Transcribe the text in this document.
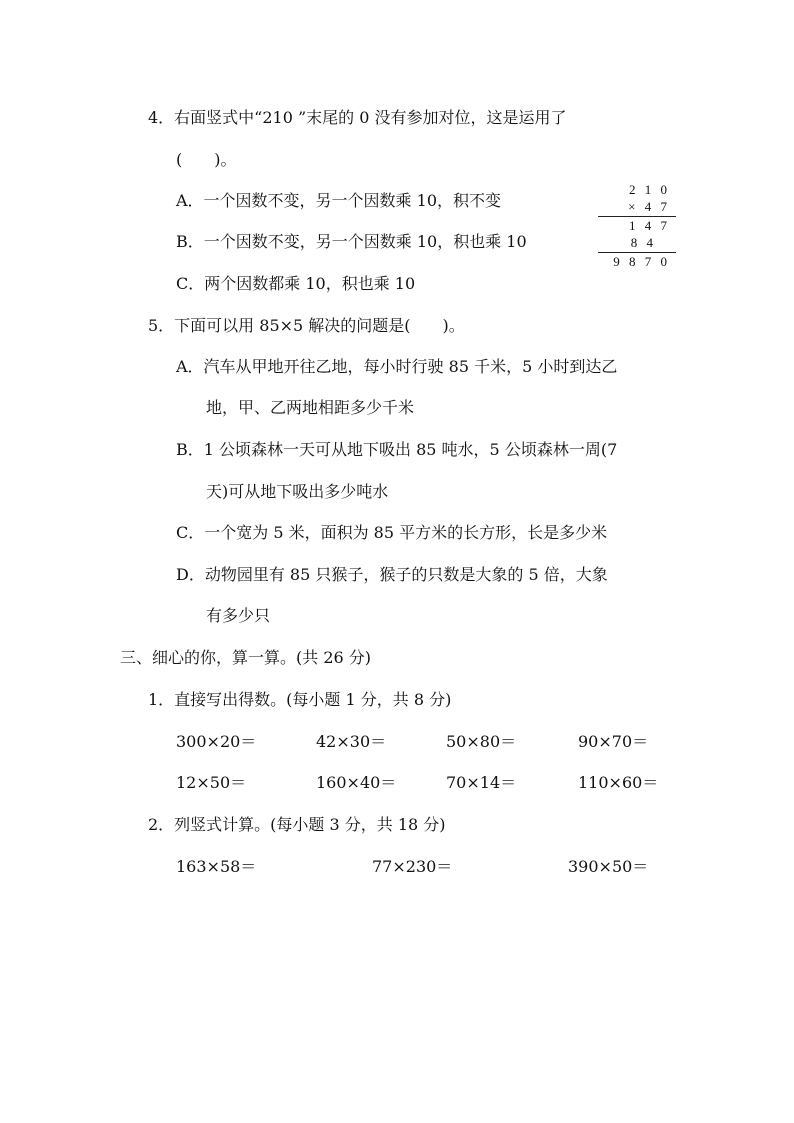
4．右面竖式中“210 ”末尾的 0 没有参加对位，这是运用了
(　　)。
A．一个因数不变，另一个因数乘 10，积不变
B．一个因数不变，另一个因数乘 10，积也乘 10
C．两个因数都乘 10，积也乘 10
2 1 0
× 4 7
1 4 7
8 4
9 8 7 0
5．下面可以用 85×5 解决的问题是(　　)。
A．汽车从甲地开往乙地，每小时行驶 85 千米，5 小时到达乙
地，甲、乙两地相距多少千米
B．1 公顷森林一天可从地下吸出 85 吨水，5 公顷森林一周(7
天)可从地下吸出多少吨水
C．一个宽为 5 米，面积为 85 平方米的长方形，长是多少米
D．动物园里有 85 只猴子，猴子的只数是大象的 5 倍，大象
有多少只
三、细心的你，算一算。(共 26 分)
1．直接写出得数。(每小题 1 分，共 8 分)
300×20＝	42×30＝	50×80＝	90×70＝
12×50＝	160×40＝	70×14＝	110×60＝
2．列竖式计算。(每小题 3 分，共 18 分)
163×58＝	77×230＝	390×50＝
